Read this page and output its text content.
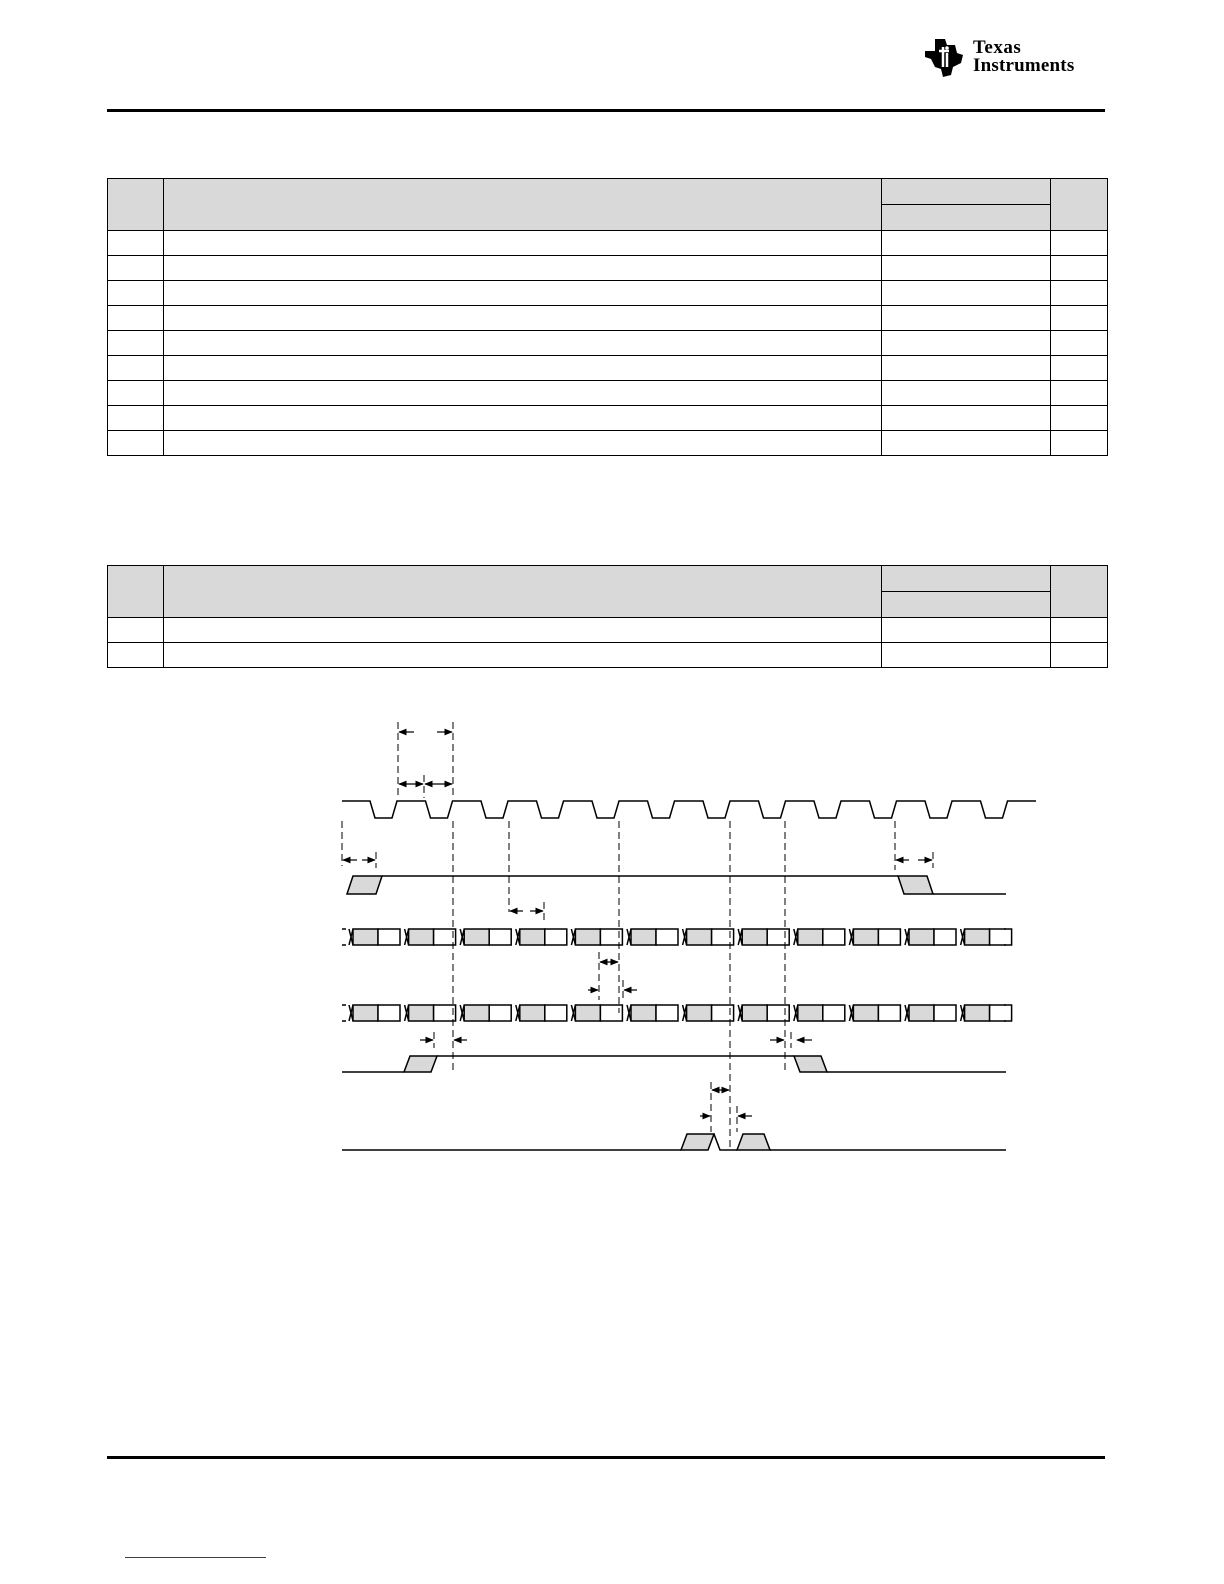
Texas
Instruments
